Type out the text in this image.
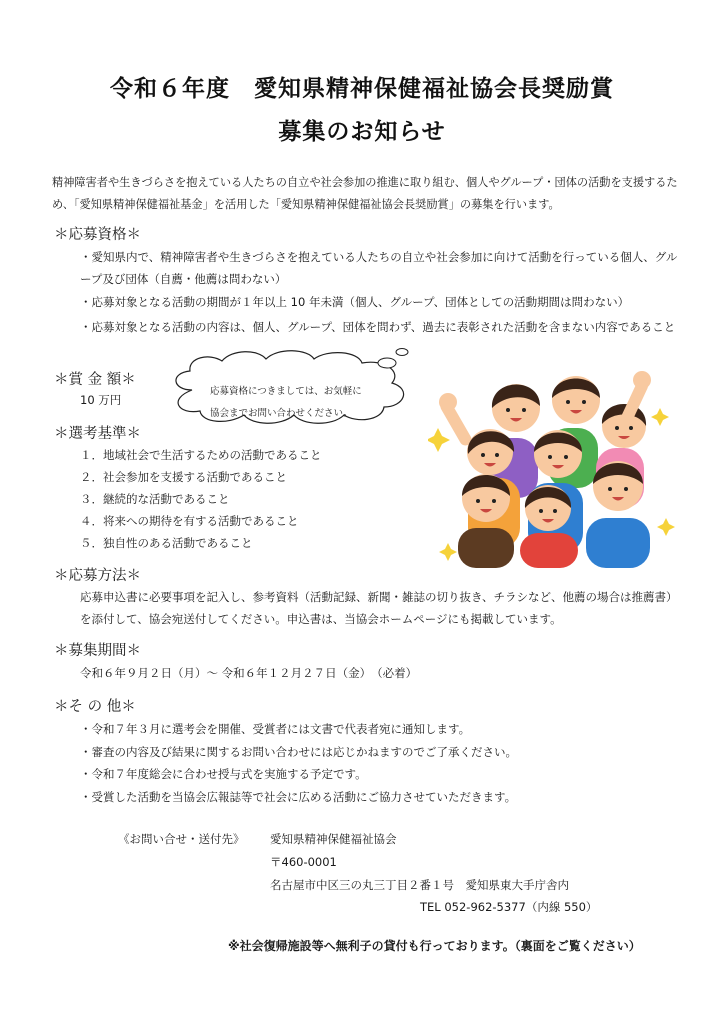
令和６年度　愛知県精神保健福祉協会長奨励賞
募集のお知らせ
精神障害者や生きづらさを抱えている人たちの自立や社会参加の推進に取り組む、個人やグループ・団体の活動を支援するため、「愛知県精神保健福祉基金」を活用した「愛知県精神保健福祉協会長奨励賞」の募集を行います。
＊応募資格＊
・愛知県内で、精神障害者や生きづらさを抱えている人たちの自立や社会参加に向けて活動を行っている個人、グループ及び団体（自薦・他薦は問わない）
・応募対象となる活動の期間が１年以上 10 年未満（個人、グループ、団体としての活動期間は問わない）
・応募対象となる活動の内容は、個人、グループ、団体を問わず、過去に表彰された活動を含まない内容であること
応募資格につきましては、お気軽に
協会までお問い合わせください。
＊賞 金 額＊
10 万円
＊選考基準＊
１．地域社会で生活するための活動であること
２．社会参加を支援する活動であること
３．継続的な活動であること
４．将来への期待を有する活動であること
５．独自性のある活動であること
＊応募方法＊
応募申込書に必要事項を記入し、参考資料（活動記録、新聞・雑誌の切り抜き、チラシなど、他薦の場合は推薦書）を添付して、協会宛送付してください。申込書は、当協会ホームページにも掲載しています。
＊募集期間＊
令和６年９月２日（月）～ 令和６年１２月２７日（金）　（必着）
＊そ の 他＊
・令和７年３月に選考会を開催、受賞者には文書で代表者宛に通知します。
・審査の内容及び結果に関するお問い合わせには応じかねますのでご了承ください。
・令和７年度総会に合わせ授与式を実施する予定です。
・受賞した活動を当協会広報誌等で社会に広める活動にご協力させていただきます。
《お問い合せ・送付先》 愛知県精神保健福祉協会
〒460-0001
名古屋市中区三の丸三丁目２番１号　愛知県東大手庁舎内
TEL 052-962-5377（内線 550）
※社会復帰施設等へ無利子の貸付も行っております。（裏面をご覧ください）
